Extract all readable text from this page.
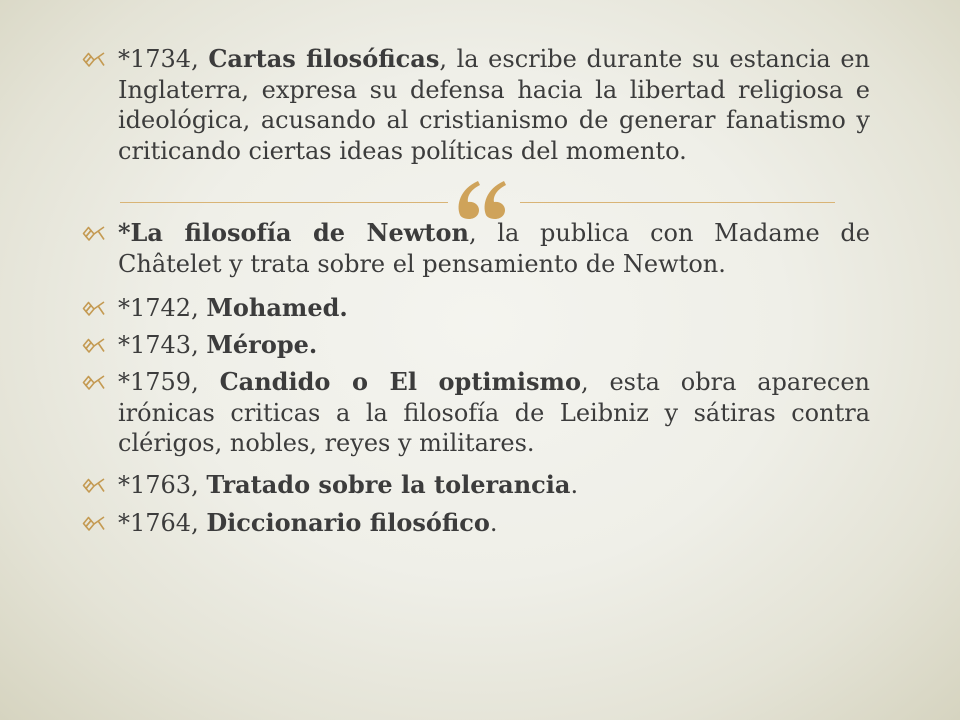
*1734, Cartas filosóficas, la escribe durante su estancia en Inglaterra, expresa su defensa hacia la libertad religiosa e ideológica, acusando al cristianismo de generar fanatismo y criticando ciertas ideas políticas del momento.
*La filosofía de Newton, la publica con Madame de Châtelet y trata sobre el pensamiento de Newton.
*1742, Mohamed.
*1743, Mérope.
*1759, Candido o El optimismo, esta obra aparecen irónicas criticas a la filosofía de Leibniz y sátiras contra clérigos, nobles, reyes y militares.
*1763, Tratado sobre la tolerancia.
*1764, Diccionario filosófico.
